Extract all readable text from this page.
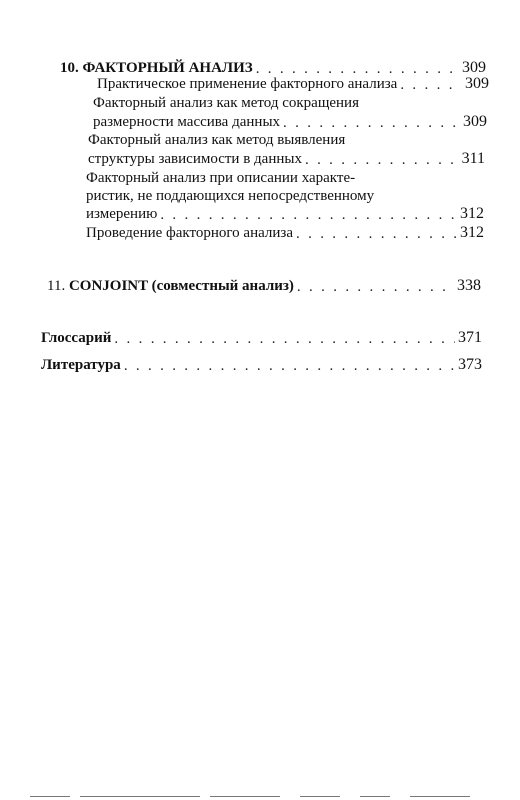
10. ФАКТОРНЫЙ АНАЛИЗ . . .	309
Практическое применение факторного анализа . . .	309
Факторный анализ как метод сокращения
размерности массива данных . . .	309
Факторный анализ как метод выявления
структуры зависимости в данных . . .	311
Факторный анализ при описании характе-
ристик, не поддающихся непосредственному
измерению . . .	312
Проведение факторного анализа . . .	312
11. CONJOINT (совместный анализ) . . .	338
Глоссарий . . .	371
Литература . . .	373
